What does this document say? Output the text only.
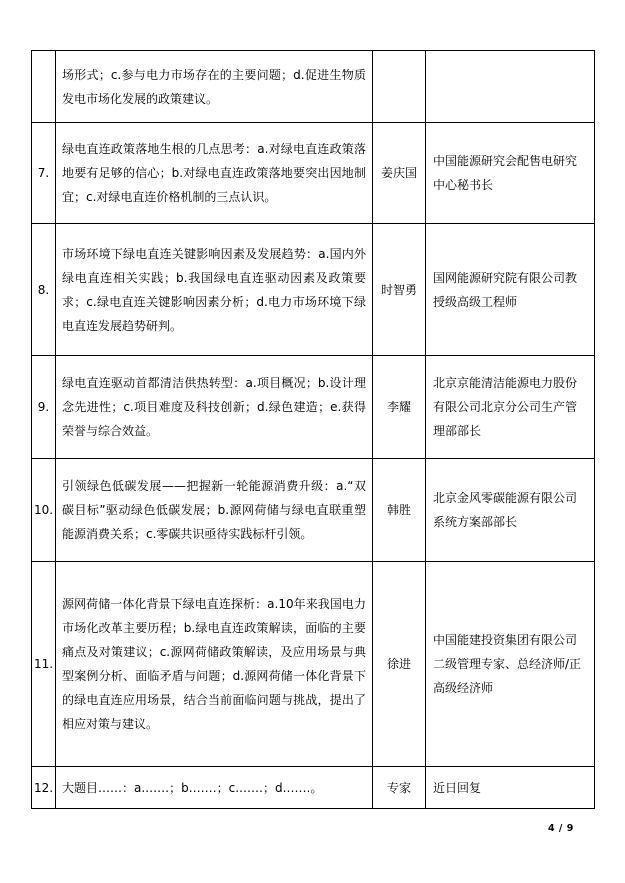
	场形式；c.参与电力市场存在的主要问题；d.促进生物质发电市场化发展的政策建议。		
7.	绿电直连政策落地生根的几点思考：a.对绿电直连政策落地要有足够的信心；b.对绿电直连政策落地要突出因地制宜；c.对绿电直连价格机制的三点认识。	姜庆国	中国能源研究会配售电研究中心秘书长
8.	市场环境下绿电直连关键影响因素及发展趋势：a.国内外绿电直连相关实践；b.我国绿电直连驱动因素及政策要求；c.绿电直连关键影响因素分析；d.电力市场环境下绿电直连发展趋势研判。	时智勇	国网能源研究院有限公司教授级高级工程师
9.	绿电直连驱动首都清洁供热转型：a.项目概况；b.设计理念先进性；c.项目难度及科技创新；d.绿色建造；e.获得荣誉与综合效益。	李耀	北京京能清洁能源电力股份有限公司北京分公司生产管理部部长
10.	引领绿色低碳发展——把握新一轮能源消费升级：a.“双碳目标”驱动绿色低碳发展；b.源网荷储与绿电直联重塑能源消费关系；c.零碳共识亟待实践标杆引领。	韩胜	北京金风零碳能源有限公司系统方案部部长
11.	源网荷储一体化背景下绿电直连探析：a.10年来我国电力市场化改革主要历程；b.绿电直连政策解读，面临的主要痛点及对策建议；c.源网荷储政策解读，及应用场景与典型案例分析、面临矛盾与问题；d.源网荷储一体化背景下的绿电直连应用场景，结合当前面临问题与挑战，提出了相应对策与建议。	徐进	中国能建投资集团有限公司二级管理专家、总经济师/正高级经济师
12.	大题目……：a.……；b.……；c.……；d.……。	专家	近日回复
4 / 9
